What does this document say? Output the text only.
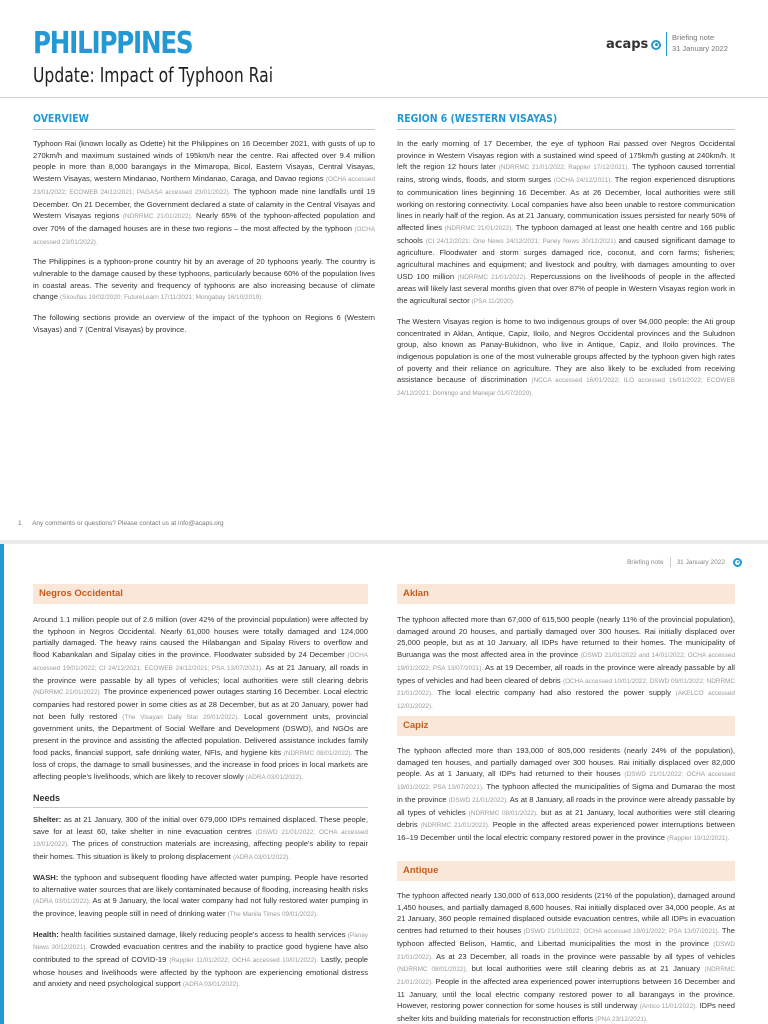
PHILIPPINES
Update: Impact of Typhoon Rai
acaps	Briefing note
31 January 2022
OVERVIEW

Typhoon Rai (known locally as Odette) hit the Philippines on 16 December 2021, with gusts of up to 270km/h and maximum sustained winds of 195km/h near the centre. Rai affected over 9.4 million people in more than 8,000 barangays in the Mimaropa, Bicol, Eastern Visayas, Central Visayas, Western Visayas, western Mindanao, Northern Mindanao, Caraga, and Davao regions (OCHA accessed 23/01/2022; ECOWEB 24/12/2021; PAGASA accessed 23/01/2022). The typhoon made nine landfalls until 19 December. On 21 December, the Government declared a state of calamity in the Central Visayas and Western Visayas regions (NDRRMC 21/01/2022). Nearly 65% of the typhoon-affected population and over 70% of the damaged houses are in these two regions – the most affected by the typhoon (OCHA accessed 23/01/2022).

The Philippines is a typhoon-prone country hit by an average of 20 typhoons yearly. The country is vulnerable to the damage caused by these typhoons, particularly because 60% of the population lives in coastal areas. The severity and frequency of typhoons are also increasing because of climate change (Skoufias 19/02/2020; FutureLearn 17/11/2021; Mongabay 16/10/2019).

The following sections provide an overview of the impact of the typhoon on Regions 6 (Western Visayas) and 7 (Central Visayas) by province.

REGION 6 (WESTERN VISAYAS)

In the early morning of 17 December, the eye of typhoon Rai passed over Negros Occidental province in Western Visayas region with a sustained wind speed of 175km/h gusting at 240km/h. It left the region 12 hours later (NDRRMC 21/01/2022; Rappler 17/12/2021). The typhoon caused torrential rains, strong winds, floods, and storm surges (OCHA 24/12/2021). The region experienced disruptions to communication lines beginning 16 December. As at 26 December, local authorities were still working on restoring connectivity. Local companies have also been unable to restore communication lines in nearly half of the region. As at 21 January, communication issues persisted for nearly 50% of affected lines (NDRRMC 21/01/2022). The typhoon damaged at least one health centre and 166 public schools (CI 24/12/2021; One News 24/12/2021; Paney News 30/12/2021) and caused significant damage to agriculture. Floodwater and storm surges damaged rice, coconut, and corn farms; fisheries; agricultural machines and equipment; and livestock and poultry, with damages amounting to over USD 100 million (NDRRMC 21/01/2022). Repercussions on the livelihoods of people in the affected areas will likely last several months given that over 87% of people in Western Visayas region work in the agricultural sector (PSA 11/2020).

The Western Visayas region is home to two indigenous groups of over 94,000 people: the Ati group concentrated in Aklan, Antique, Capiz, Iloilo, and Negros Occidental provinces and the Suludnon group, also known as Panay-Bukidnon, who live in Antique, Capiz, and Iloilo provinces. The indigenous population is one of the most vulnerable groups affected by the typhoon given high rates of poverty and their reliance on agriculture. They are also likely to be excluded from receiving assistance because of discrimination (NCCA accessed 16/01/2022; ILO accessed 16/01/2022; ECOWEB 24/12/2021; Domingo and Manejar 01/07/2020).

1 Any comments or questions? Please contact us at info@acaps.org
Briefing note 31 January 2022
Negros Occidental

Around 1.1 million people out of 2.6 million (over 42% of the provincial population) were affected by the typhoon in Negros Occidental. Nearly 61,000 houses were totally damaged and 124,000 partially damaged. The heavy rains caused the Hilabangan and Sipalay Rivers to overflow and flood Kabankalan and Sipalay cities in the province. Floodwater subsided by 24 December (OCHA accessed 19/01/2022; CI 24/12/2021; ECOWEB 24/12/2021; PSA 13/07/2021). As at 21 January, all roads in the province were passable by all types of vehicles; local authorities were still clearing debris (NDRRMC 21/01/2022). The province experienced power outages starting 16 December. Local electric companies had restored power in some cities as at 28 December, but as at 20 January, power had not been fully restored (The Visayan Daily Star 20/01/2022). Local government units, provincial government units, the Department of Social Welfare and Development (DSWD), and NGOs are present in the province and assisting the affected population. Delivered assistance includes family food packs, financial support, safe drinking water, NFIs, and hygiene kits (NDRRMC 08/01/2022). The loss of crops, the damage to small businesses, and the increase in food prices in local markets are affecting people's livelihoods, which are likely to recover slowly (ADRA 03/01/2022).

Needs

Shelter: as at 21 January, 300 of the initial over 679,000 IDPs remained displaced. These people, save for at least 60, take shelter in nine evacuation centres (DSWD 21/01/2022; OCHA accessed 19/01/2022). The prices of construction materials are increasing, affecting people's ability to repair their homes. This situation is likely to prolong displacement (ADRA 03/01/2022).

WASH: the typhoon and subsequent flooding have affected water pumping. People have resorted to alternative water sources that are likely contaminated because of flooding, increasing health risks (ADRA 03/01/2022). As at 9 January, the local water company had not fully restored water pumping in the province, leaving people still in need of drinking water (The Manila Times 09/01/2022).

Health: health facilities sustained damage, likely reducing people's access to health services (Panay News 30/12/2021). Crowded evacuation centres and the inability to practice good hygiene have also contributed to the spread of COVID-19 (Rappler 11/01/2022; OCHA accessed 10/01/2022). Lastly, people whose houses and livelihoods were affected by the typhoon are experiencing emotional distress and anxiety and need psychological support (ADRA 03/01/2022).

Aklan

The typhoon affected more than 67,000 of 615,500 people (nearly 11% of the provincial population), damaged around 20 houses, and partially damaged over 300 houses. Rai initially displaced over 25,000 people, but as at 10 January, all IDPs have returned to their homes. The municipality of Buruanga was the most affected area in the province (DSWD 21/01/2022 and 14/01/2022; OCHA accessed 19/01/2022; PSA 13/07/2021). As at 19 December, all roads in the province were already passable by all types of vehicles and had been cleared of debris (OCHA accessed 10/01/2022; DSWD 09/01/2022; NDRRMC 21/01/2022). The local electric company had also restored the power supply (AKELCO accessed 12/01/2022).

Capiz

The typhoon affected more than 193,000 of 805,000 residents (nearly 24% of the population), damaged ten houses, and partially damaged over 300 houses. Rai initially displaced over 82,000 people. As at 1 January, all IDPs had returned to their houses (DSWD 21/01/2022; OCHA accessed 19/01/2022; PSA 13/07/2021). The typhoon affected the municipalities of Sigma and Dumarao the most in the province (DSWD 21/01/2022). As at 8 January, all roads in the province were already passable by all types of vehicles (NDRRMC 08/01/2022), but as at 21 January, local authorities were still clearing debris (NDRRMC 21/01/2022). People in the affected areas experienced power interruptions between 16–19 December until the local electric company restored power in the province (Rappler 19/12/2021).

Antique

The typhoon affected nearly 130,000 of 613,000 residents (21% of the population), damaged around 1,450 houses, and partially damaged 8,600 houses. Rai initially displaced over 34,000 people. As at 21 January, 360 people remained displaced outside evacuation centres, while all IDPs in evacuation centres had returned to their houses (DSWD 21/01/2022; OCHA accessed 19/01/2022; PSA 13/07/2021). The typhoon affected Belison, Hamtic, and Libertad municipalities the most in the province (DSWD 21/01/2022). As at 23 December, all roads in the province were passable by all types of vehicles (NDRRMC 08/01/2022), but local authorities were still clearing debris as at 21 January (NDRRMC 21/01/2022). People in the affected area experienced power interruptions between 16 December and 11 January, until the local electric company restored power to all barangays in the province. However, restoring power connection for some houses is still underway (Antico 11/01/2022). IDPs need shelter kits and building materials for reconstruction efforts (PNA 23/12/2021).
